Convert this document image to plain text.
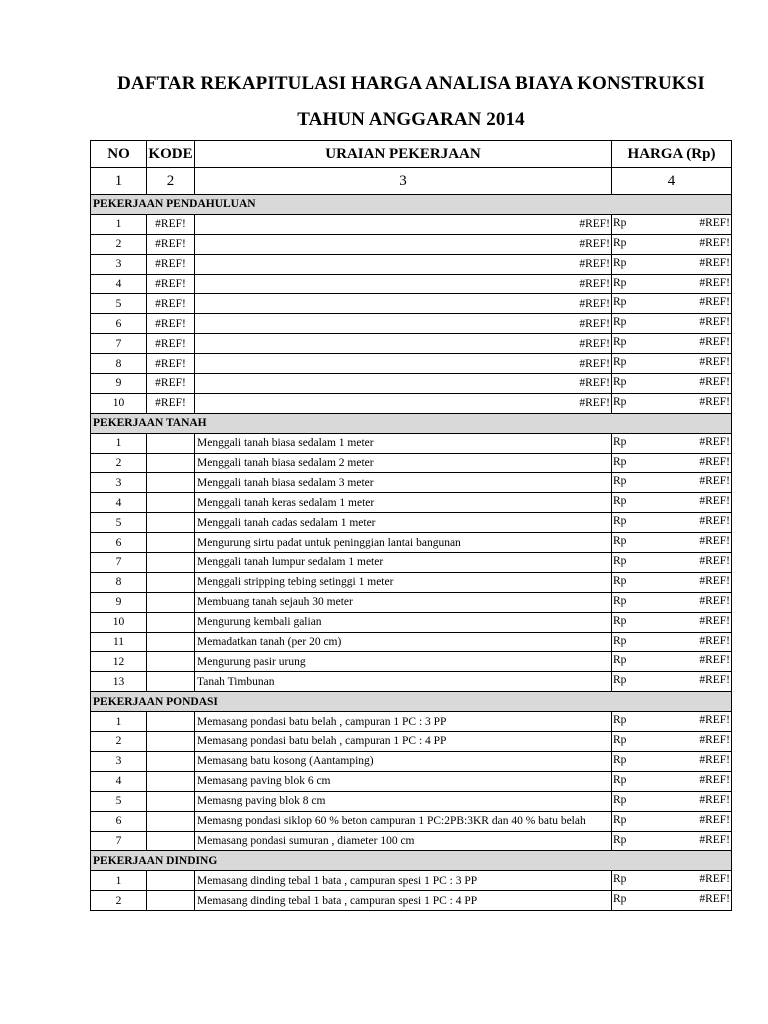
DAFTAR REKAPITULASI HARGA ANALISA BIAYA KONSTRUKSI
TAHUN ANGGARAN 2014
NO	KODE	URAIAN PEKERJAAN	HARGA (Rp)
1	2	3	4
PEKERJAAN PENDAHULUAN			
1	#REF!	#REF!	Rp #REF!

2	#REF!	#REF!	Rp #REF!

3	#REF!	#REF!	Rp #REF!

4	#REF!	#REF!	Rp #REF!

5	#REF!	#REF!	Rp #REF!

6	#REF!	#REF!	Rp #REF!

7	#REF!	#REF!	Rp #REF!

8	#REF!	#REF!	Rp #REF!

9	#REF!	#REF!	Rp #REF!

10	#REF!	#REF!	Rp #REF!

PEKERJAAN TANAH			
1		Menggali tanah biasa sedalam 1 meter	Rp #REF!

2		Menggali tanah biasa sedalam 2 meter	Rp #REF!

3		Menggali tanah biasa sedalam 3 meter	Rp #REF!

4		Menggali tanah keras sedalam 1 meter	Rp #REF!

5		Menggali tanah cadas sedalam 1 meter	Rp #REF!

6		Mengurung sirtu padat untuk peninggian lantai bangunan	Rp #REF!

7		Menggali tanah lumpur sedalam 1 meter	Rp #REF!

8		Menggali stripping tebing setinggi 1 meter	Rp #REF!

9		Membuang tanah sejauh 30 meter	Rp #REF!

10		Mengurung kembali galian	Rp #REF!

11		Memadatkan tanah (per 20 cm)	Rp #REF!

12		Mengurung pasir urung	Rp #REF!

13		Tanah Timbunan	Rp #REF!

PEKERJAAN PONDASI			
1		Memasang pondasi batu belah , campuran 1 PC : 3 PP	Rp #REF!

2		Memasang pondasi batu belah , campuran 1 PC : 4 PP	Rp #REF!

3		Memasang batu kosong (Aantamping)	Rp #REF!

4		Memasang paving blok 6 cm	Rp #REF!

5		Memasng paving blok 8 cm	Rp #REF!

6		Memasng pondasi siklop 60 % beton campuran 1 PC:2PB:3KR dan 40 % batu belah	Rp #REF!

7		Memasang pondasi sumuran , diameter 100 cm	Rp #REF!

PEKERJAAN DINDING			
1		Memasang dinding tebal 1 bata , campuran spesi 1 PC : 3 PP	Rp #REF!

2		Memasang dinding tebal 1 bata , campuran spesi 1 PC : 4 PP	Rp #REF!
